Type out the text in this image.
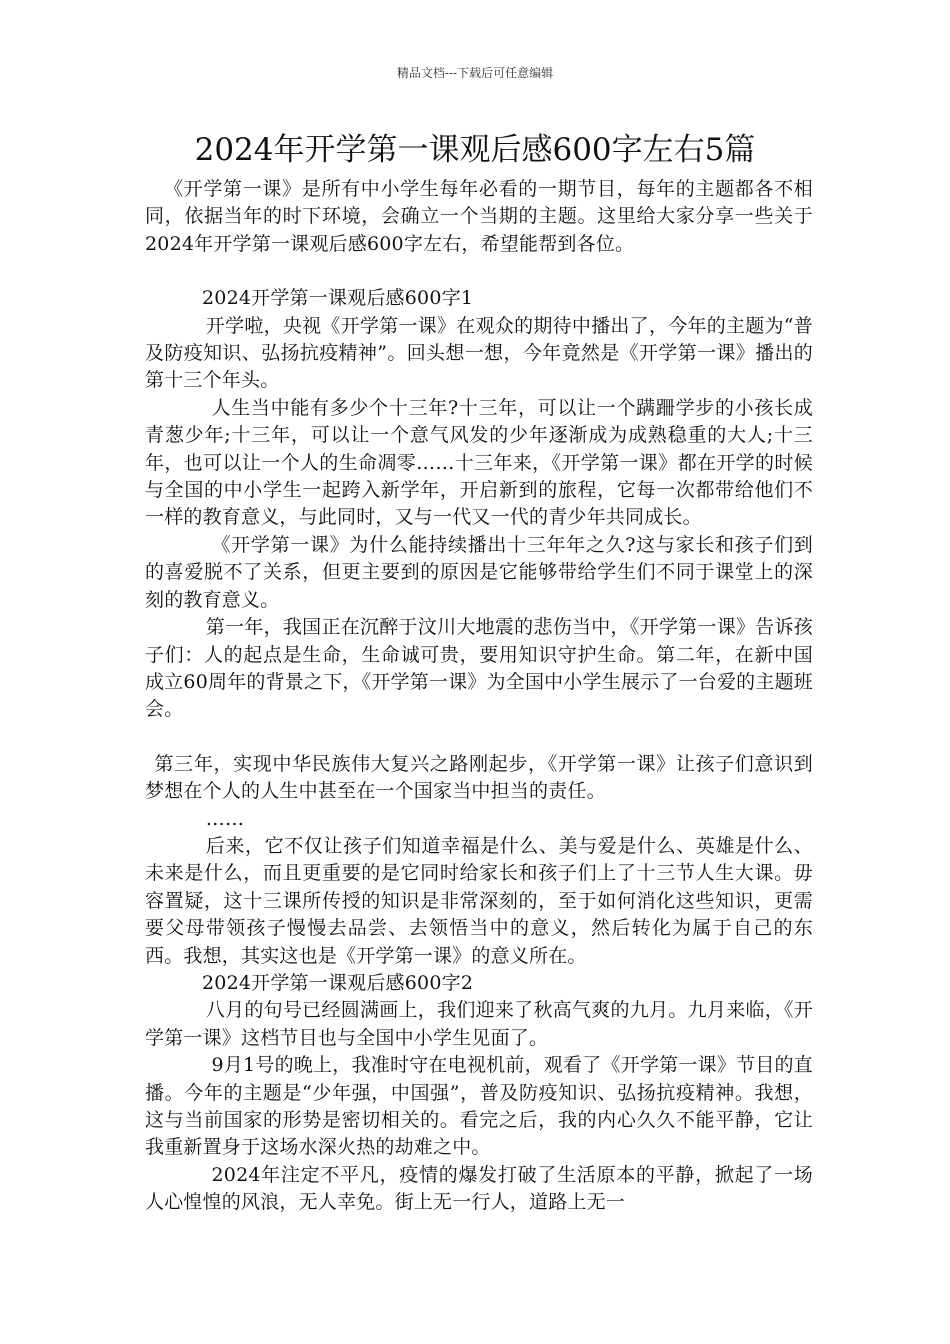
精品文档---下载后可任意编辑
2024年开学第一课观后感600字左右5篇

《开学第一课》是所有中小学生每年必看的一期节目，每年的主题都各不相同，依据当年的时下环境，会确立一个当期的主题。这里给大家分享一些关于2024年开学第一课观后感600字左右，希望能帮到各位。

2024开学第一课观后感600字1

开学啦，央视《开学第一课》在观众的期待中播出了，今年的主题为“普及防疫知识、弘扬抗疫精神”。回头想一想，今年竟然是《开学第一课》播出的第十三个年头。

人生当中能有多少个十三年?十三年，可以让一个蹒跚学步的小孩长成青葱少年;十三年，可以让一个意气风发的少年逐渐成为成熟稳重的大人;十三年，也可以让一个人的生命凋零……十三年来，《开学第一课》都在开学的时候与全国的中小学生一起跨入新学年，开启新到的旅程，它每一次都带给他们不一样的教育意义，与此同时，又与一代又一代的青少年共同成长。

《开学第一课》为什么能持续播出十三年年之久?这与家长和孩子们到的喜爱脱不了关系，但更主要到的原因是它能够带给学生们不同于课堂上的深刻的教育意义。

第一年，我国正在沉醉于汶川大地震的悲伤当中，《开学第一课》告诉孩子们：人的起点是生命，生命诚可贵，要用知识守护生命。第二年，在新中国成立60周年的背景之下，《开学第一课》为全国中小学生展示了一台爱的主题班会。

第三年，实现中华民族伟大复兴之路刚起步，《开学第一课》让孩子们意识到梦想在个人的人生中甚至在一个国家当中担当的责任。

……

后来，它不仅让孩子们知道幸福是什么、美与爱是什么、英雄是什么、未来是什么，而且更重要的是它同时给家长和孩子们上了十三节人生大课。毋容置疑，这十三课所传授的知识是非常深刻的，至于如何消化这些知识，更需要父母带领孩子慢慢去品尝、去领悟当中的意义，然后转化为属于自己的东西。我想，其实这也是《开学第一课》的意义所在。

2024开学第一课观后感600字2

八月的句号已经圆满画上，我们迎来了秋高气爽的九月。九月来临，《开学第一课》这档节目也与全国中小学生见面了。

9月1号的晚上，我准时守在电视机前，观看了《开学第一课》节目的直播。今年的主题是“少年强，中国强”，普及防疫知识、弘扬抗疫精神。我想，这与当前国家的形势是密切相关的。看完之后，我的内心久久不能平静，它让我重新置身于这场水深火热的劫难之中。

2024年注定不平凡，疫情的爆发打破了生活原本的平静，掀起了一场人心惶惶的风浪，无人幸免。街上无一行人，道路上无一
